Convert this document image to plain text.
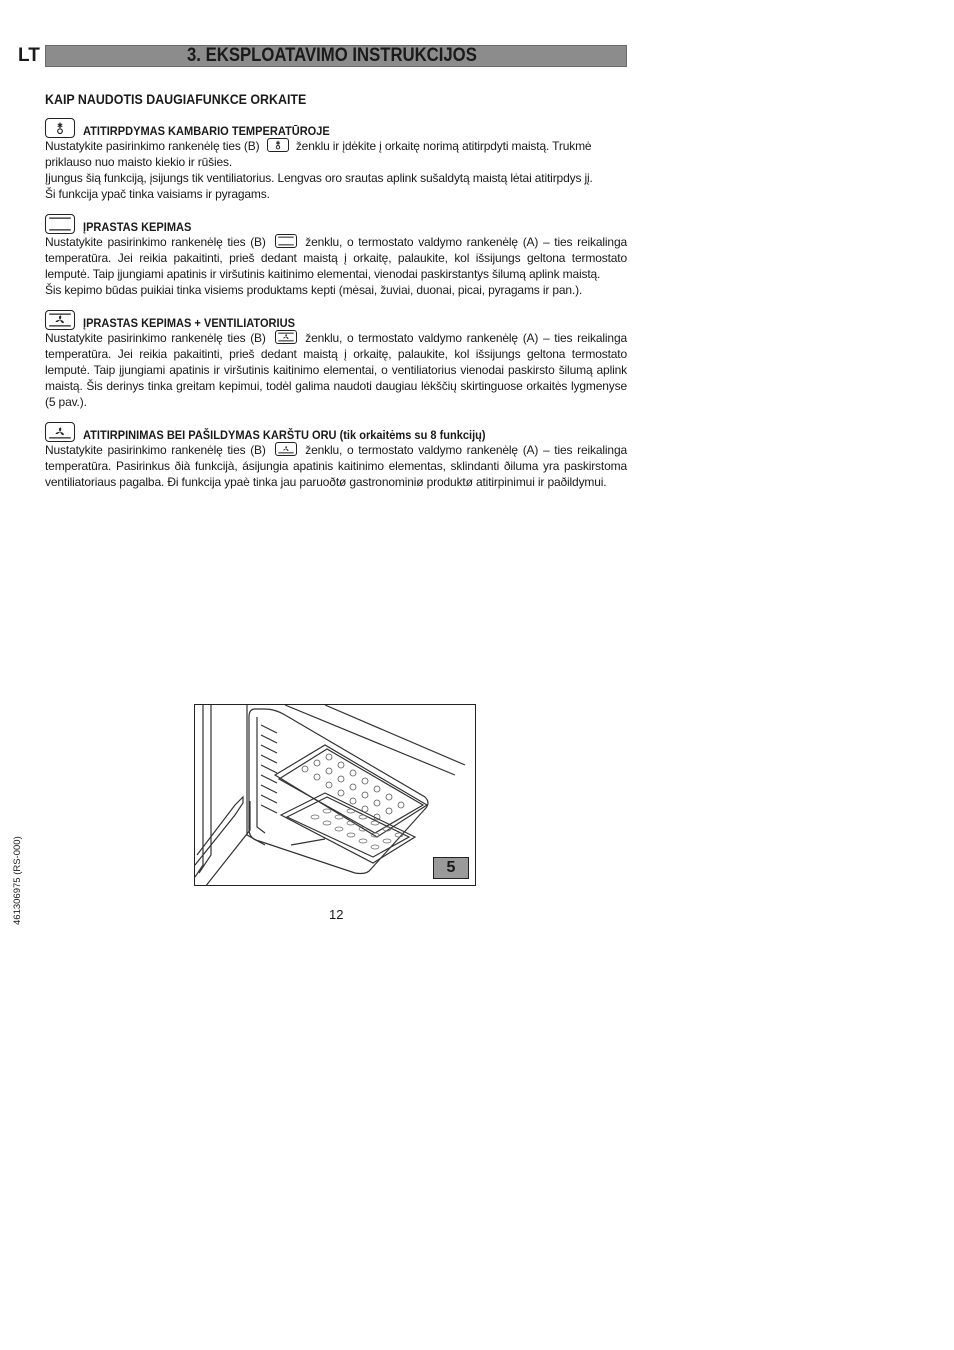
LT	3. EKSPLOATAVIMO INSTRUKCIJOS
KAIP NAUDOTIS DAUGIAFUNKCE ORKAITE
ATITIRPDYMAS KAMBARIO TEMPERATŪROJE

Nustatykite pasirinkimo rankenėlę ties (B)	ženklu ir įdėkite į orkaitę norimą atitirpdyti maistą. Trukmė priklauso nuo maisto kiekio ir rūšies.
Įjungus šią funkciją, įsijungs tik ventiliatorius. Lengvas oro srautas aplink sušaldytą maistą lėtai atitirpdys jį.
Ši funkcija ypač tinka vaisiams ir pyragams.

ĮPRASTAS KEPIMAS

Nustatykite pasirinkimo rankenėlę ties (B)	ženklu, o termostato valdymo rankenėlę (A) – ties reikalinga temperatūra. Jei reikia pakaitinti, prieš dedant maistą į orkaitę, palaukite, kol išsijungs geltona termostato lemputė. Taip įjungiami apatinis ir viršutinis kaitinimo elementai, vienodai paskirstantys šilumą aplink maistą.
Šis kepimo būdas puikiai tinka visiems produktams kepti (mėsai, žuviai, duonai, picai, pyragams ir pan.).

ĮPRASTAS KEPIMAS + VENTILIATORIUS

Nustatykite pasirinkimo rankenėlę ties (B)	ženklu, o termostato valdymo rankenėlę (A) – ties reikalinga temperatūra. Jei reikia pakaitinti, prieš dedant maistą į orkaitę, palaukite, kol išsijungs geltona termostato lemputė. Taip įjungiami apatinis ir viršutinis kaitinimo elementai, o ventiliatorius vienodai paskirsto šilumą aplink maistą. Šis derinys tinka greitam kepimui, todėl galima naudoti daugiau lėkščių skirtinguose orkaitės lygmenyse (5 pav.).

ATITIRPINIMAS BEI PAŠILDYMAS KARŠTU ORU (tik orkaitėms su 8 funkcijų)

Nustatykite pasirinkimo rankenėlę ties (B)	ženklu, o termostato valdymo rankenėlę (A) – ties reikalinga temperatūra. Pasirinkus ðià funkcijà, ásijungia apatinis kaitinimo elementas, sklindanti ðiluma yra paskirstoma ventiliatoriaus pagalba. Ði funkcija ypaè tinka jau paruoðtø gastronominiø produktø atitirpinimui ir paðildymui.

5
12
461306975 (RS-000)
